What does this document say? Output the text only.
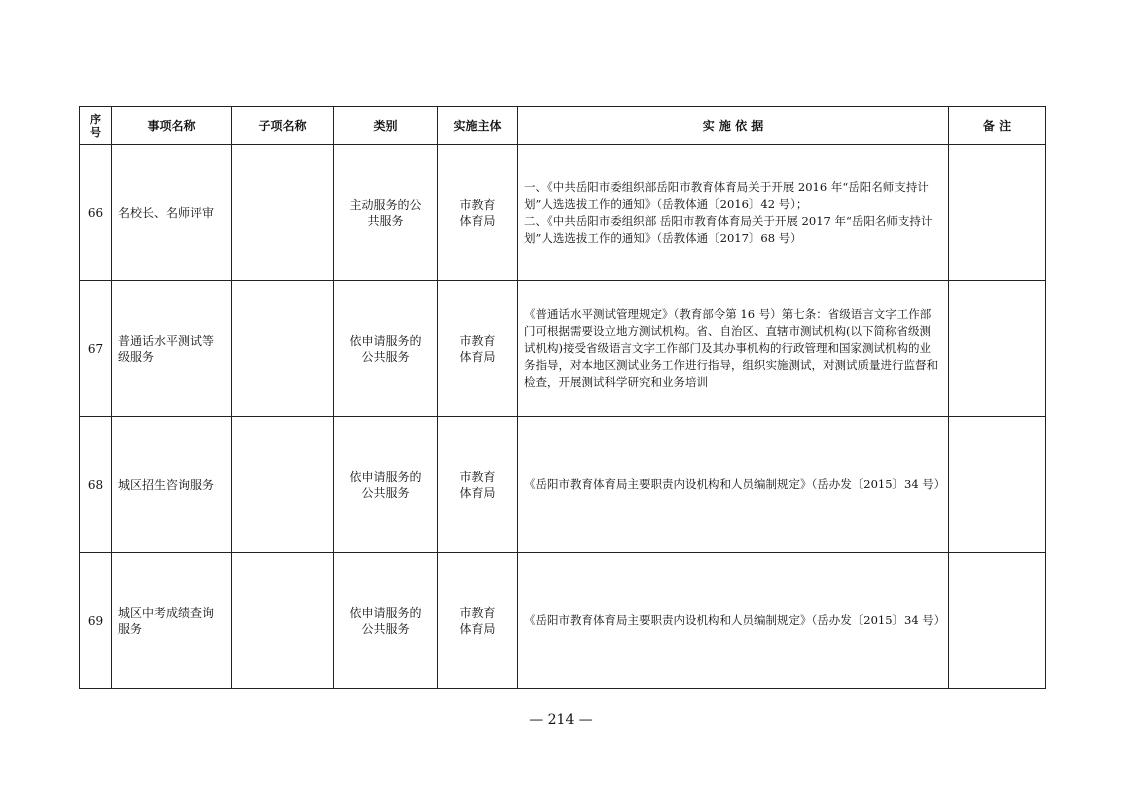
序号	事项名称	子项名称	类别	实施主体	实 施 依 据	备 注
66	名校长、名师评审		主动服务的公共服务	市教育体育局	一、《中共岳阳市委组织部岳阳市教育体育局关于开展 2016 年“岳阳名师支持计划”人选选拔工作的通知》（岳教体通〔2016〕42 号）；
二、《中共岳阳市委组织部 岳阳市教育体育局关于开展 2017 年“岳阳名师支持计划”人选选拔工作的通知》（岳教体通〔2017〕68 号）	

67	普通话水平测试等级服务		依申请服务的公共服务	市教育体育局	《普通话水平测试管理规定》（教育部令第 16 号）第七条：省级语言文字工作部门可根据需要设立地方测试机构。省、自治区、直辖市测试机构(以下简称省级测试机构)接受省级语言文字工作部门及其办事机构的行政管理和国家测试机构的业务指导，对本地区测试业务工作进行指导，组织实施测试，对测试质量进行监督和检查，开展测试科学研究和业务培训	

68	城区招生咨询服务		依申请服务的公共服务	市教育体育局	《岳阳市教育体育局主要职责内设机构和人员编制规定》（岳办发〔2015〕34 号）	

69	城区中考成绩查询服务		依申请服务的公共服务	市教育体育局	《岳阳市教育体育局主要职责内设机构和人员编制规定》（岳办发〔2015〕34 号）	

— 214 —
